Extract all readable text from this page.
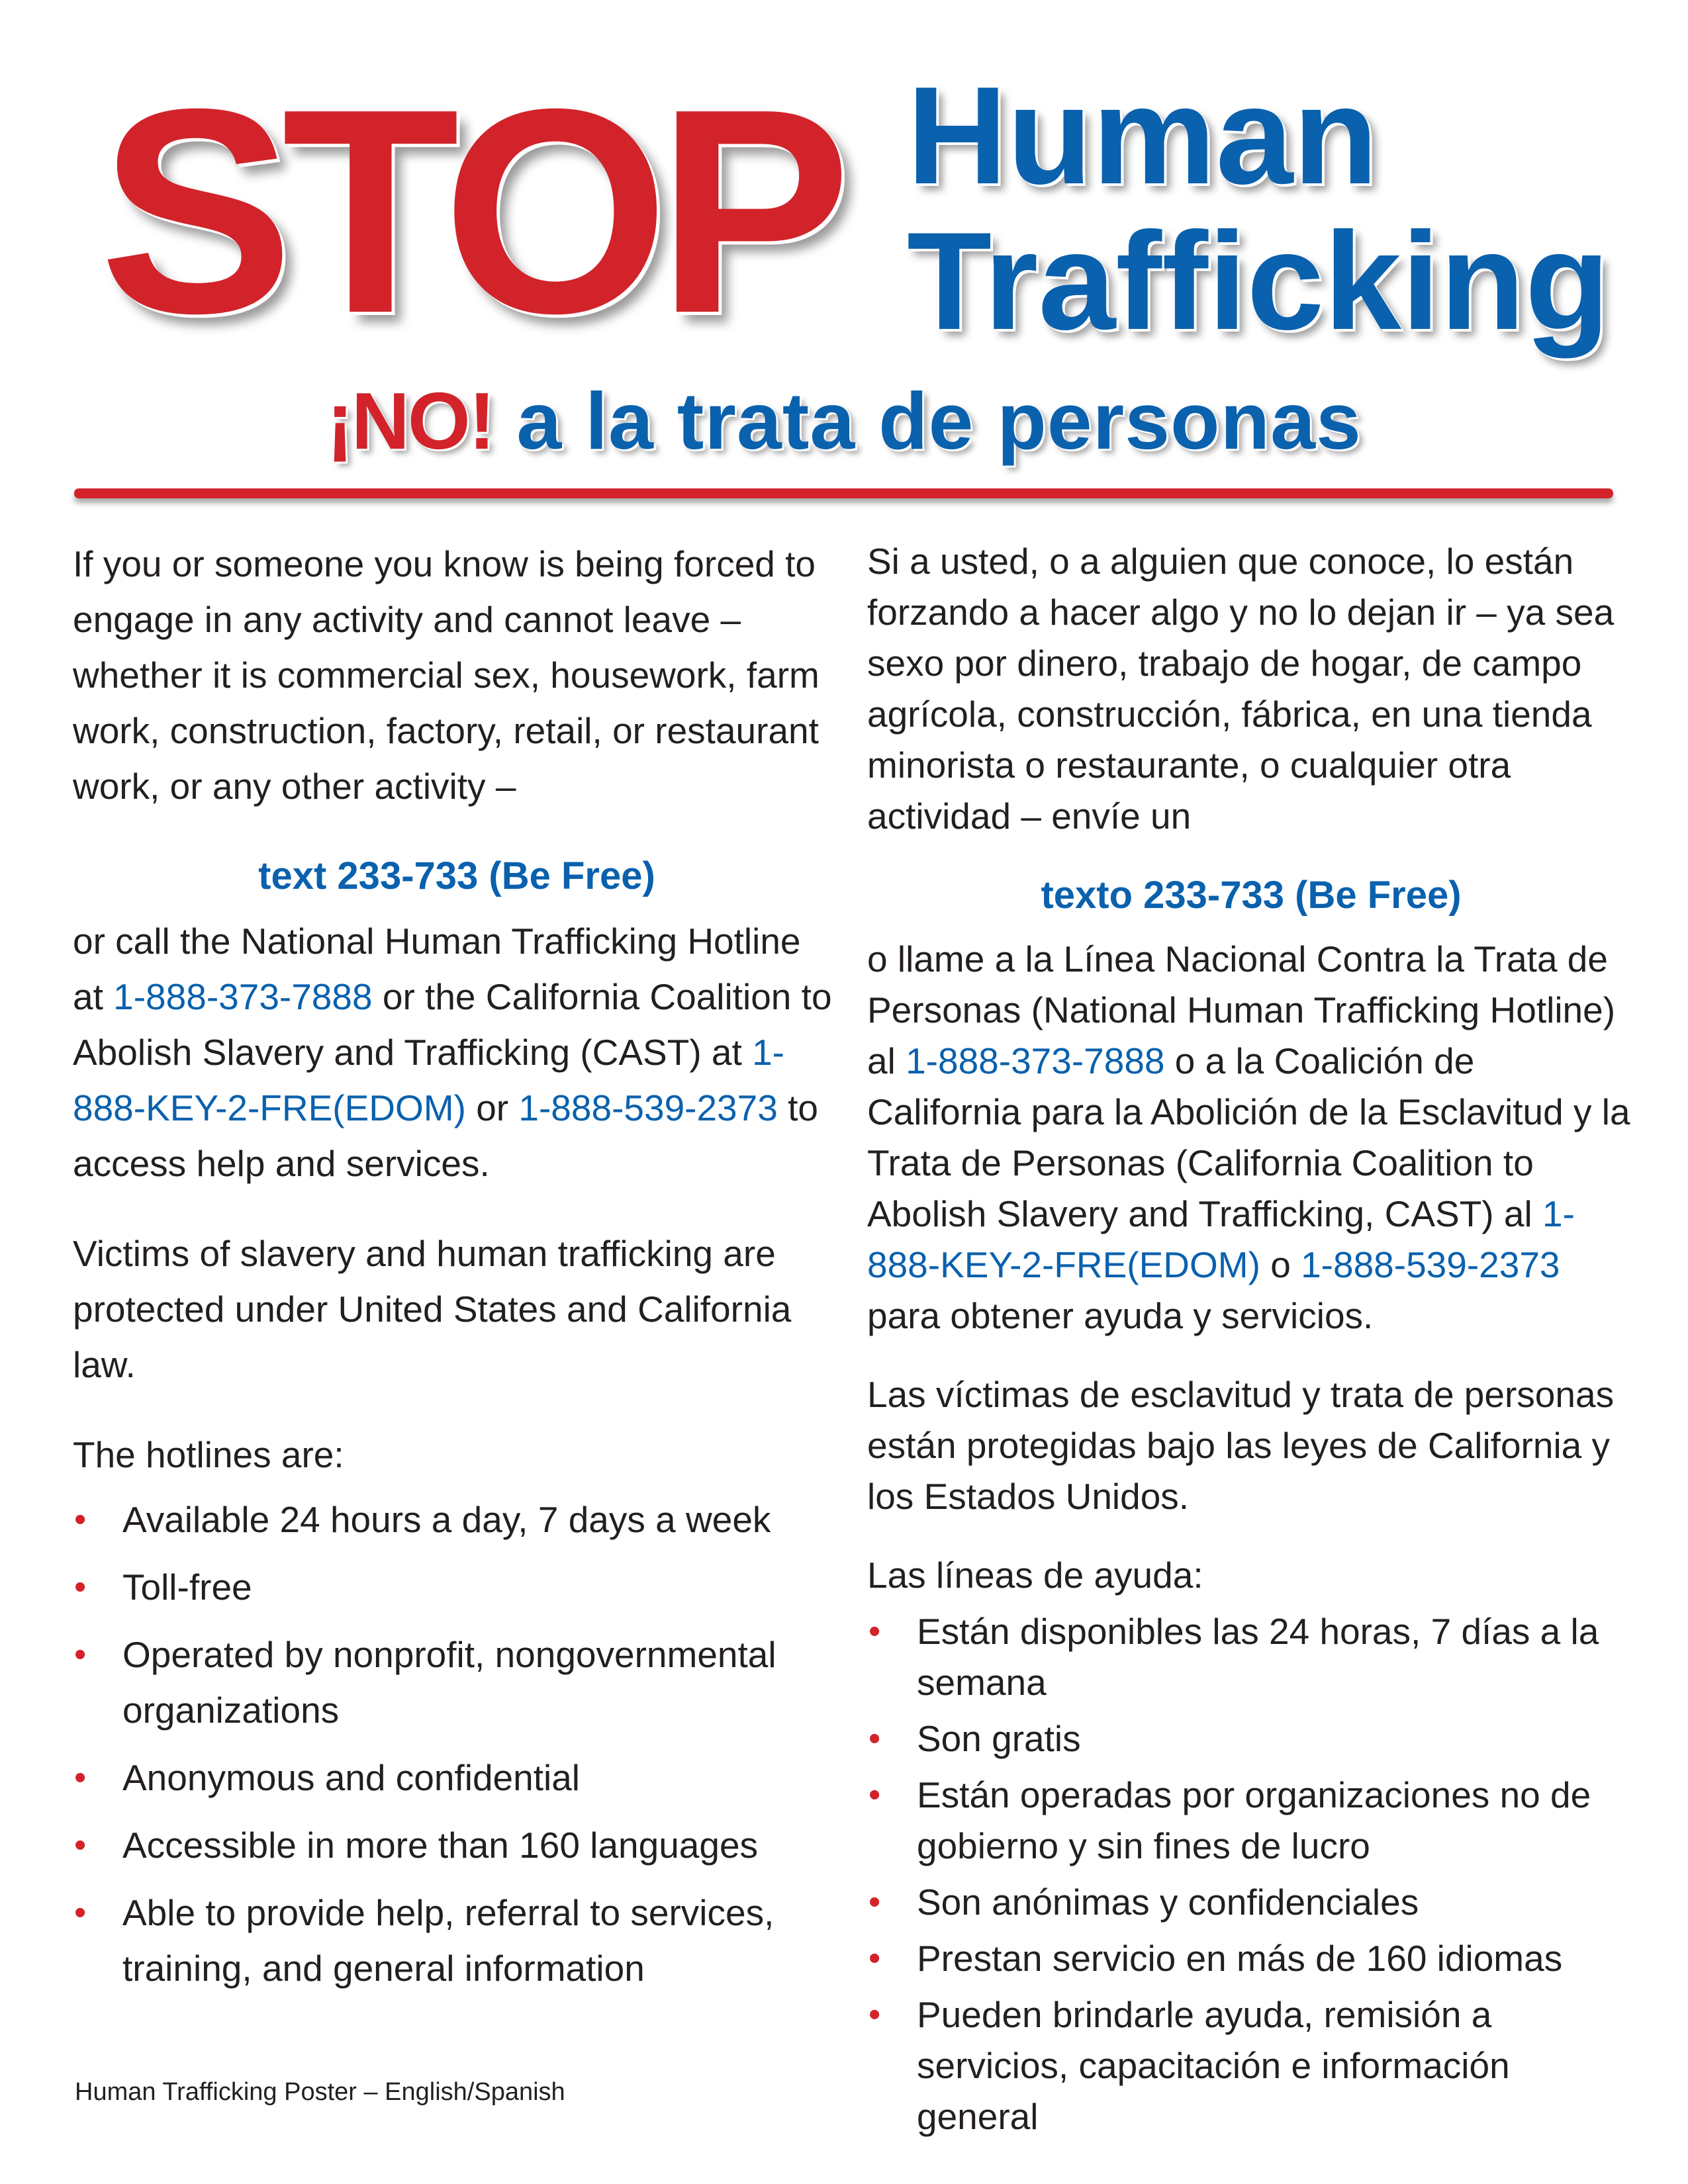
STOP Human
Trafficking
¡NO! a la trata de personas

If you or someone you know is being forced to engage in any activity and cannot leave – whether it is commercial sex, housework, farm work, construction, factory, retail, or restaurant work, or any other activity –

text 233-733 (Be Free)

or call the National Human Trafficking Hotline at 1-888-373-7888 or the California Coalition to Abolish Slavery and Trafficking (CAST) at 1-888-KEY-2-FRE(EDOM) or 1-888-539-2373 to access help and services.

Victims of slavery and human trafficking are protected under United States and California law.

The hotlines are:

• Available 24 hours a day, 7 days a week
• Toll-free
• Operated by nonprofit, nongovernmental organizations
• Anonymous and confidential
• Accessible in more than 160 languages
• Able to provide help, referral to services, training, and general information

Si a usted, o a alguien que conoce, lo están forzando a hacer algo y no lo dejan ir – ya sea sexo por dinero, trabajo de hogar, de campo agrícola, construcción, fábrica, en una tienda minorista o restaurante, o cualquier otra actividad – envíe un

texto 233-733 (Be Free)

o llame a la Línea Nacional Contra la Trata de Personas (National Human Trafficking Hotline) al 1-888-373-7888 o a la Coalición de California para la Abolición de la Esclavitud y la Trata de Personas (California Coalition to Abolish Slavery and Trafficking, CAST) al 1-888-KEY-2-FRE(EDOM) o 1-888-539-2373 para obtener ayuda y servicios.

Las víctimas de esclavitud y trata de personas están protegidas bajo las leyes de California y los Estados Unidos.

Las líneas de ayuda:

• Están disponibles las 24 horas, 7 días a la semana
• Son gratis
• Están operadas por organizaciones no de gobierno y sin fines de lucro
• Son anónimas y confidenciales
• Prestan servicio en más de 160 idiomas
• Pueden brindarle ayuda, remisión a servicios, capacitación e información general
Human Trafficking Poster – English/Spanish
